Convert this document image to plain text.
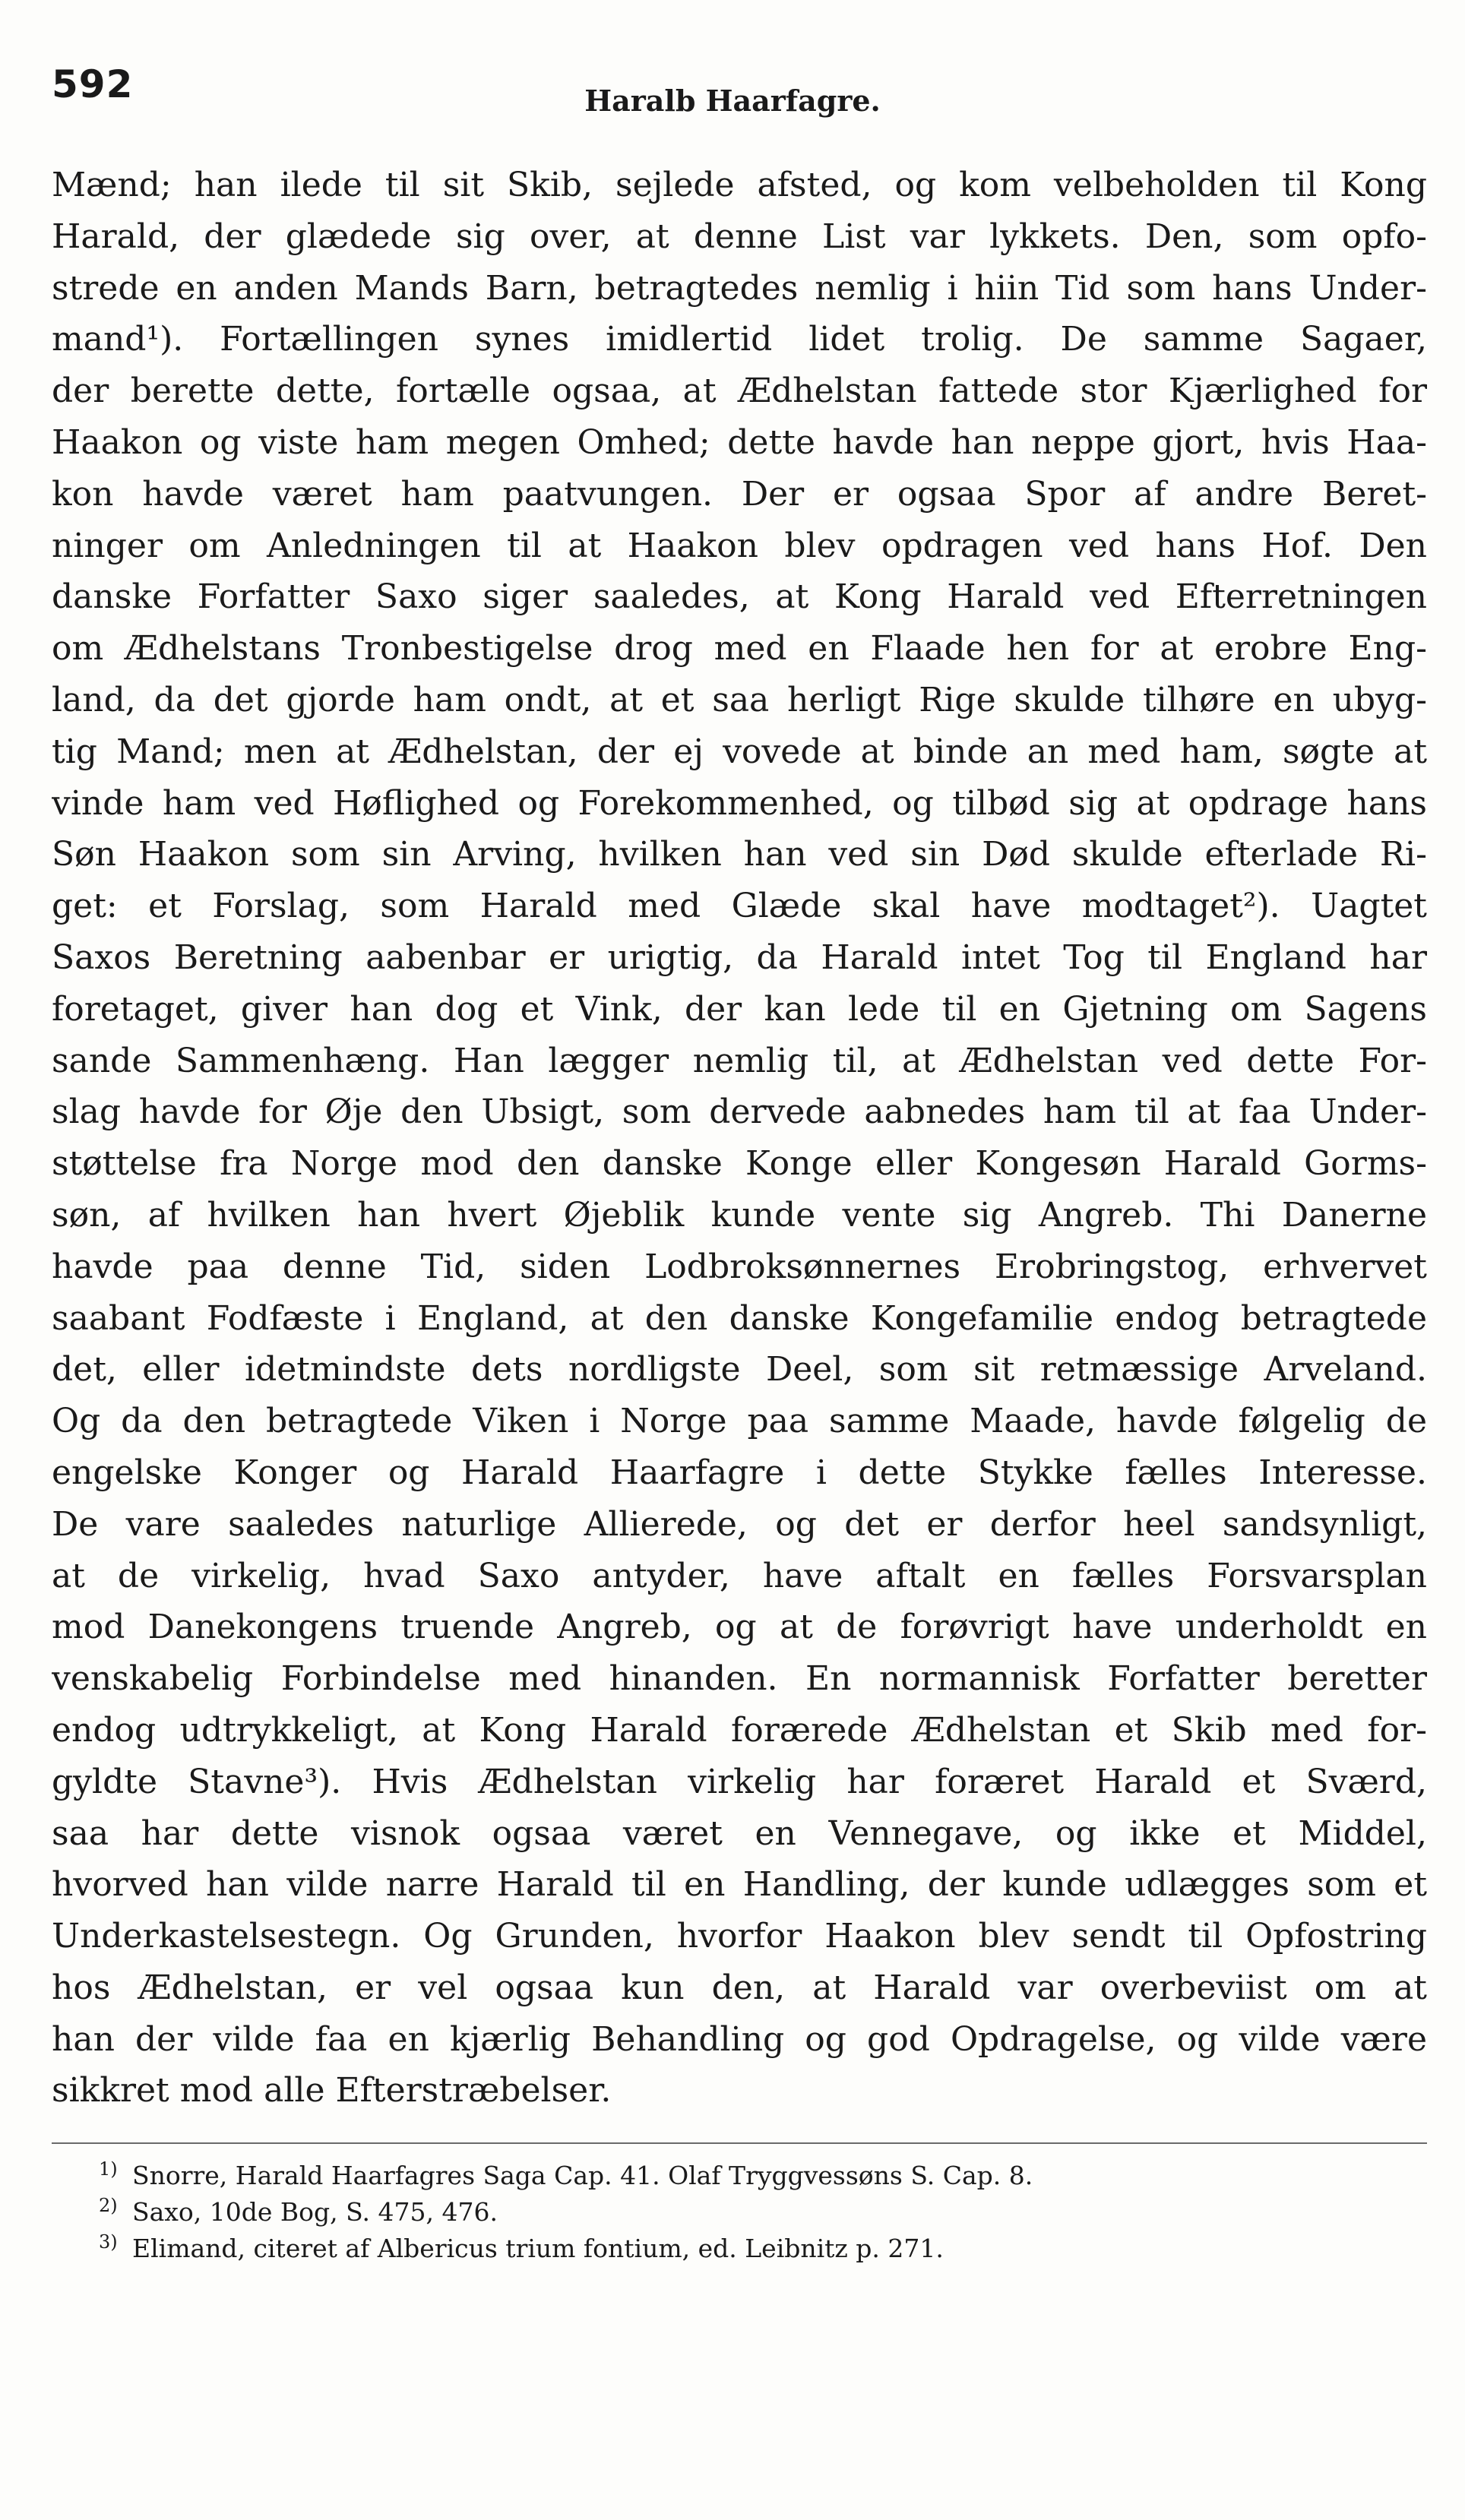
592	Haralb Haarfagre.
Mænd; han ilede til sit Skib, sejlede afsted, og kom velbeholden til Kong
Harald, der glædede sig over, at denne List var lykkets. Den, som opfo-
strede en anden Mands Barn, betragtedes nemlig i hiin Tid som hans Under-
mand¹). Fortællingen synes imidlertid lidet trolig. De samme Sagaer,
der berette dette, fortælle ogsaa, at Ædhelstan fattede stor Kjærlighed for
Haakon og viste ham megen Omhed; dette havde han neppe gjort, hvis Haa-
kon havde været ham paatvungen. Der er ogsaa Spor af andre Beret-
ninger om Anledningen til at Haakon blev opdragen ved hans Hof. Den
danske Forfatter Saxo siger saaledes, at Kong Harald ved Efterretningen
om Ædhelstans Tronbestigelse drog med en Flaade hen for at erobre Eng-
land, da det gjorde ham ondt, at et saa herligt Rige skulde tilhøre en ubyg-
tig Mand; men at Ædhelstan, der ej vovede at binde an med ham, søgte at
vinde ham ved Høflighed og Forekommenhed, og tilbød sig at opdrage hans
Søn Haakon som sin Arving, hvilken han ved sin Død skulde efterlade Ri-
get: et Forslag, som Harald med Glæde skal have modtaget²). Uagtet
Saxos Beretning aabenbar er urigtig, da Harald intet Tog til England har
foretaget, giver han dog et Vink, der kan lede til en Gjetning om Sagens
sande Sammenhæng. Han lægger nemlig til, at Ædhelstan ved dette For-
slag havde for Øje den Ubsigt, som dervede aabnedes ham til at faa Under-
støttelse fra Norge mod den danske Konge eller Kongesøn Harald Gorms-
søn, af hvilken han hvert Øjeblik kunde vente sig Angreb. Thi Danerne
havde paa denne Tid, siden Lodbroksønnernes Erobringstog, erhvervet
saabant Fodfæste i England, at den danske Kongefamilie endog betragtede
det, eller idetmindste dets nordligste Deel, som sit retmæssige Arveland.
Og da den betragtede Viken i Norge paa samme Maade, havde følgelig de
engelske Konger og Harald Haarfagre i dette Stykke fælles Interesse.
De vare saaledes naturlige Allierede, og det er derfor heel sandsynligt,
at de virkelig, hvad Saxo antyder, have aftalt en fælles Forsvarsplan
mod Danekongens truende Angreb, og at de forøvrigt have underholdt en
venskabelig Forbindelse med hinanden. En normannisk Forfatter beretter
endog udtrykkeligt, at Kong Harald forærede Ædhelstan et Skib med for-
gyldte Stavne³). Hvis Ædhelstan virkelig har foræret Harald et Sværd,
saa har dette visnok ogsaa været en Vennegave, og ikke et Middel,
hvorved han vilde narre Harald til en Handling, der kunde udlægges som et
Underkastelsestegn. Og Grunden, hvorfor Haakon blev sendt til Opfostring
hos Ædhelstan, er vel ogsaa kun den, at Harald var overbeviist om at
han der vilde faa en kjærlig Behandling og god Opdragelse, og vilde være
sikkret mod alle Efterstræbelser.
1) Snorre, Harald Haarfagres Saga Cap. 41. Olaf Tryggvessøns S. Cap. 8.
2) Saxo, 10de Bog, S. 475, 476.
3) Elimand, citeret af Albericus trium fontium, ed. Leibnitz p. 271.
